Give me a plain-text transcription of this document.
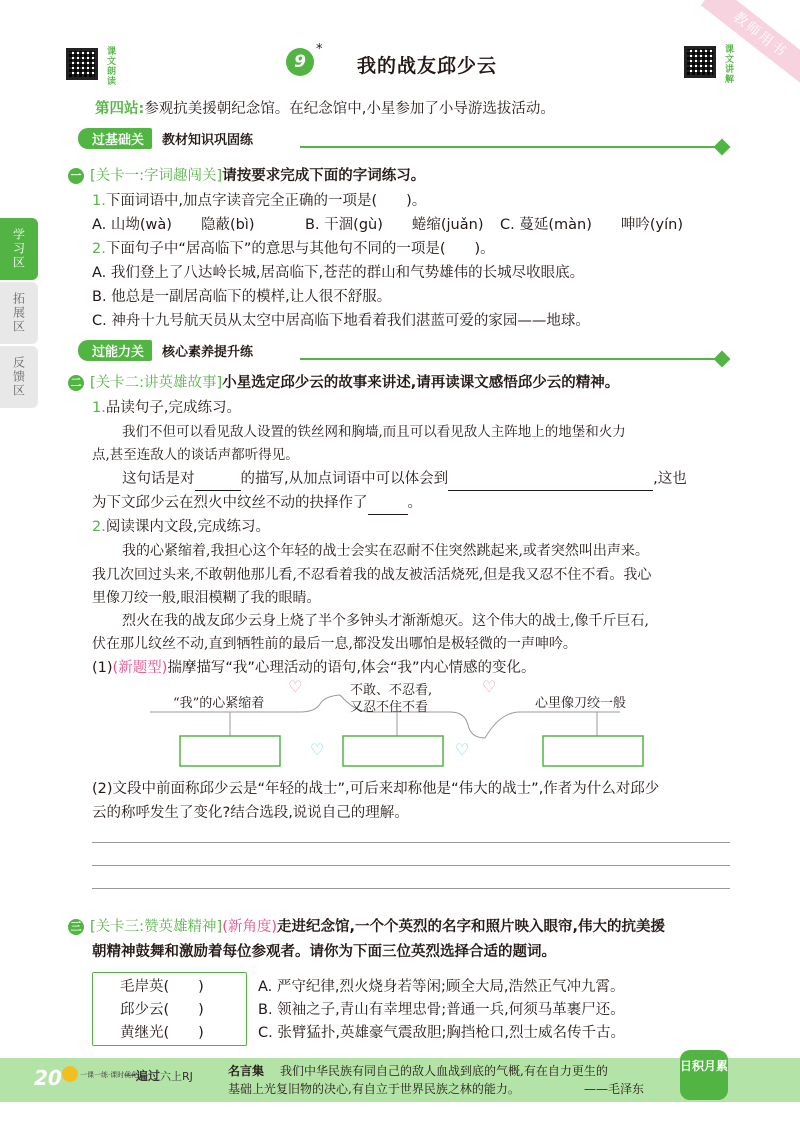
课文朗读	9
*
我的战友邱少云	课文讲解
教师用书
第四站:参观抗美援朝纪念馆。在纪念馆中,小星参加了小导游选拔活动。
学习区
拓展区
反馈区
过基础关	教材知识巩固练
一 [关卡一:字词趣闯关] 请按要求完成下面的字词练习。
1.下面词语中,加点字读音完全正确的一项是(　　)。
A. 山坳(wà)　　隐蔽(bì)	B. 干涸(gù)　　蜷缩(juǎn) C. 蔓延(màn)　　呻吟(yín)
2.下面句子中“居高临下”的意思与其他句不同的一项是(　　)。
A. 我们登上了八达岭长城,居高临下,苍茫的群山和气势雄伟的长城尽收眼底。
B. 他总是一副居高临下的模样,让人很不舒服。
C. 神舟十九号航天员从太空中居高临下地看着我们湛蓝可爱的家园——地球。
过能力关	核心素养提升练
二 [关卡二:讲英雄故事] 小星选定邱少云的故事来讲述,请再读课文感悟邱少云的精神。
1.品读句子,完成练习。
我们不但可以看见敌人设置的铁丝网和胸墙,而且可以看见敌人主阵地上的地堡和火力
点,甚至连敌人的谈话声都听得见。
这句话是对	的描写,从加点词语中可以体会到	,这也
为下文邱少云在烈火中纹丝不动的抉择作了	。
2.阅读课内文段,完成练习。
我的心紧缩着,我担心这个年轻的战士会实在忍耐不住突然跳起来,或者突然叫出声来。
我几次回过头来,不敢朝他那儿看,不忍看着我的战友被活活烧死,但是我又忍不住不看。我心
里像刀绞一般,眼泪模糊了我的眼睛。
烈火在我的战友邱少云身上烧了半个多钟头才渐渐熄灭。这个伟大的战士,像千斤巨石,
伏在那儿纹丝不动,直到牺牲前的最后一息,都没发出哪怕是极轻微的一声呻吟。
(1)(新题型)揣摩描写“我”心理活动的语句,体会“我”内心情感的变化。
“我”的心紧缩着
不敢、不忍看,
又忍不住不看	心里像刀绞一般
♡	♡
♡	♡
(2)文段中前面称邱少云是“年轻的战士”,可后来却称他是“伟大的战士”,作者为什么对邱少
云的称呼发生了变化?结合选段,说说自己的理解。
三 [关卡三:赞英雄精神] (新角度) 走进纪念馆,一个个英烈的名字和照片映入眼帘,伟大的抗美援
朝精神鼓舞和激励着每位参观者。请你为下面三位英烈选择合适的题词。
毛岸英(　　)
邱少云(　　)
黄继光(　　)
A. 严守纪律,烈火烧身若等闲;顾全大局,浩然正气冲九霄。
B. 领袖之子,青山有幸埋忠骨;普通一兵,何须马革裹尸还。
C. 张臂猛扑,英雄豪气震敌胆;胸挡枪口,烈士威名传千古。
20	一课一练·课时优化
一遍过 六上RJ	名言集 我们中华民族有同自己的敌人血战到底的气概,有在自力更生的
基础上光复旧物的决心,有自立于世界民族之林的能力。	——毛泽东
日积月累
